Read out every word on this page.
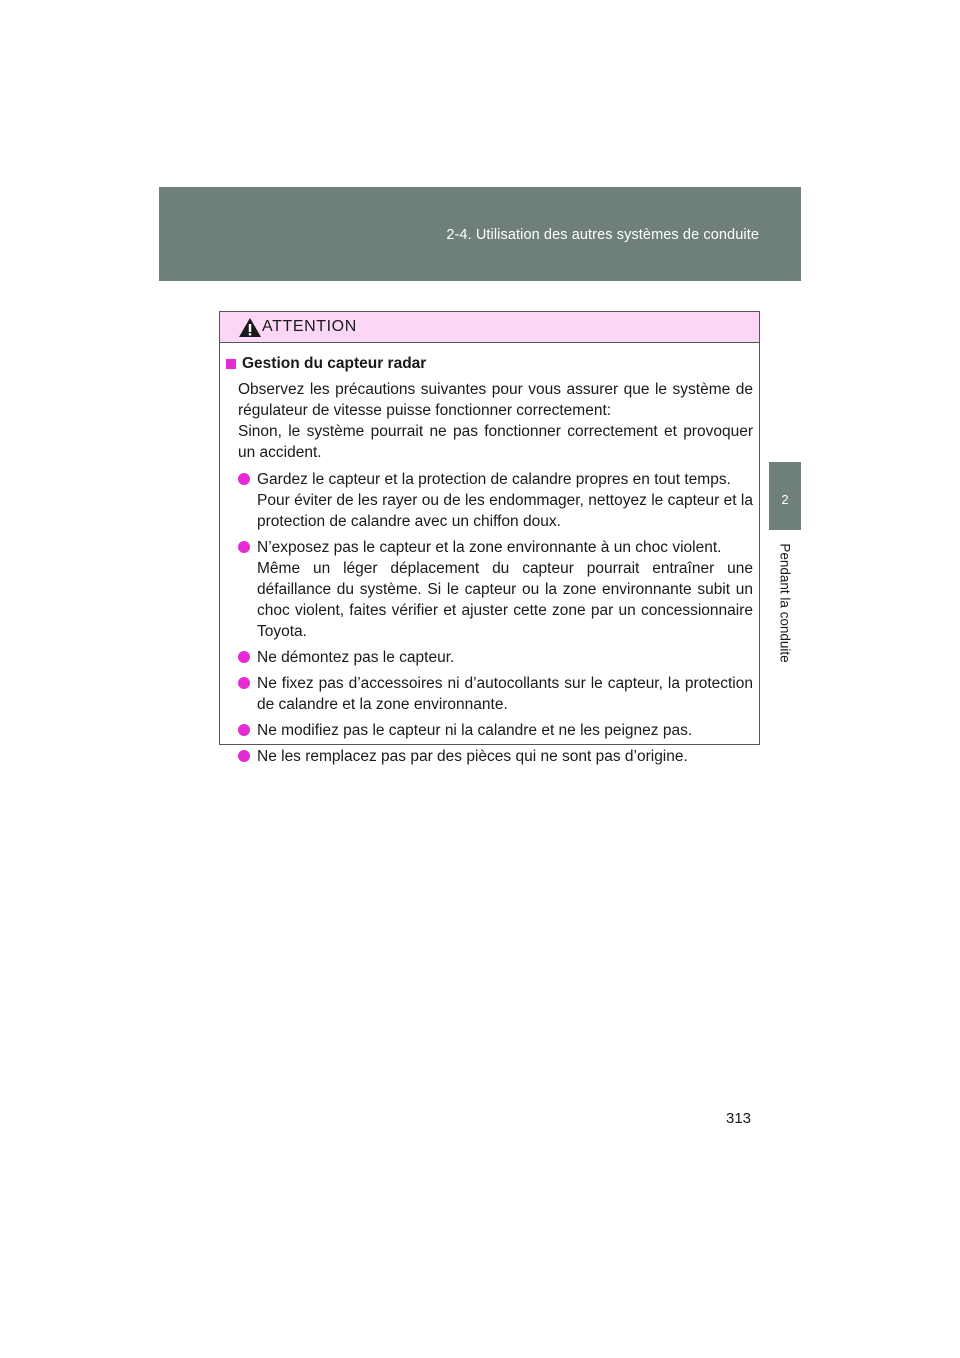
2-4. Utilisation des autres systèmes de conduite
2
Pendant la conduite
ATTENTION
Gestion du capteur radar

Observez les précautions suivantes pour vous assurer que le système de régulateur de vitesse puisse fonctionner correctement:

Sinon, le système pourrait ne pas fonctionner correctement et provoquer un accident.

Gardez le capteur et la protection de calandre propres en tout temps.

Pour éviter de les rayer ou de les endommager, nettoyez le capteur et la protection de calandre avec un chiffon doux.

N’exposez pas le capteur et la zone environnante à un choc violent.

Même un léger déplacement du capteur pourrait entraîner une défaillance du système. Si le capteur ou la zone environnante subit un choc violent, faites vérifier et ajuster cette zone par un concessionnaire Toyota.

Ne démontez pas le capteur.

Ne fixez pas d’accessoires ni d’autocollants sur le capteur, la protection de calandre et la zone environnante.

Ne modifiez pas le capteur ni la calandre et ne les peignez pas.

Ne les remplacez pas par des pièces qui ne sont pas d’origine.

313
